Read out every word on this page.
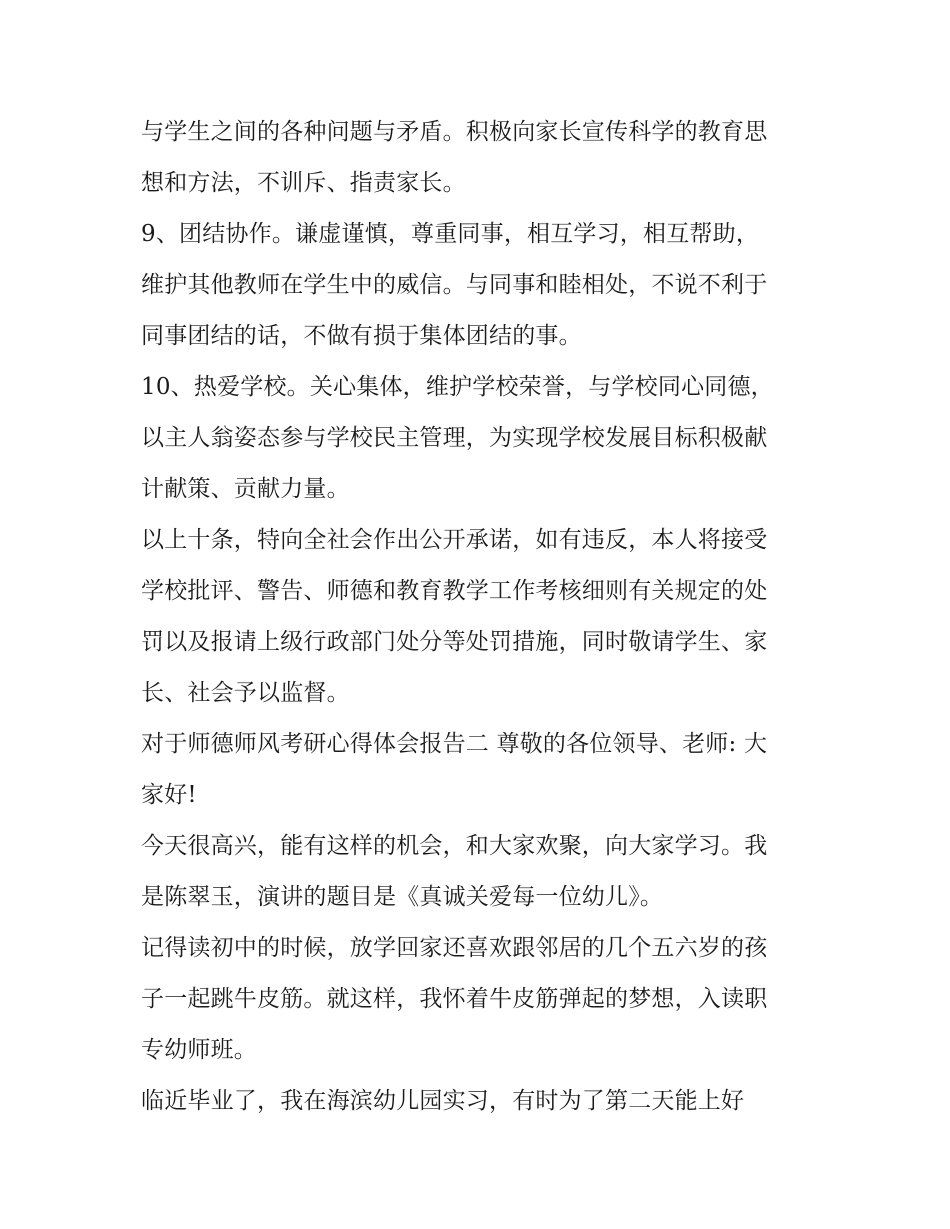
与学生之间的各种问题与矛盾。积极向家长宣传科学的教育思
想和方法，不训斥、指责家长。
9、团结协作。谦虚谨慎，尊重同事，相互学习，相互帮助，
维护其他教师在学生中的威信。与同事和睦相处，不说不利于
同事团结的话，不做有损于集体团结的事。
10、热爱学校。关心集体，维护学校荣誉，与学校同心同德，
以主人翁姿态参与学校民主管理，为实现学校发展目标积极献
计献策、贡献力量。
以上十条，特向全社会作出公开承诺，如有违反，本人将接受
学校批评、警告、师德和教育教学工作考核细则有关规定的处
罚以及报请上级行政部门处分等处罚措施，同时敬请学生、家
长、社会予以监督。
对于师德师风考研心得体会报告二 尊敬的各位领导、老师: 大
家好!
今天很高兴，能有这样的机会，和大家欢聚，向大家学习。我
是陈翠玉，演讲的题目是《真诚关爱每一位幼儿》。
记得读初中的时候，放学回家还喜欢跟邻居的几个五六岁的孩
子一起跳牛皮筋。就这样，我怀着牛皮筋弹起的梦想，入读职
专幼师班。
临近毕业了，我在海滨幼儿园实习，有时为了第二天能上好
